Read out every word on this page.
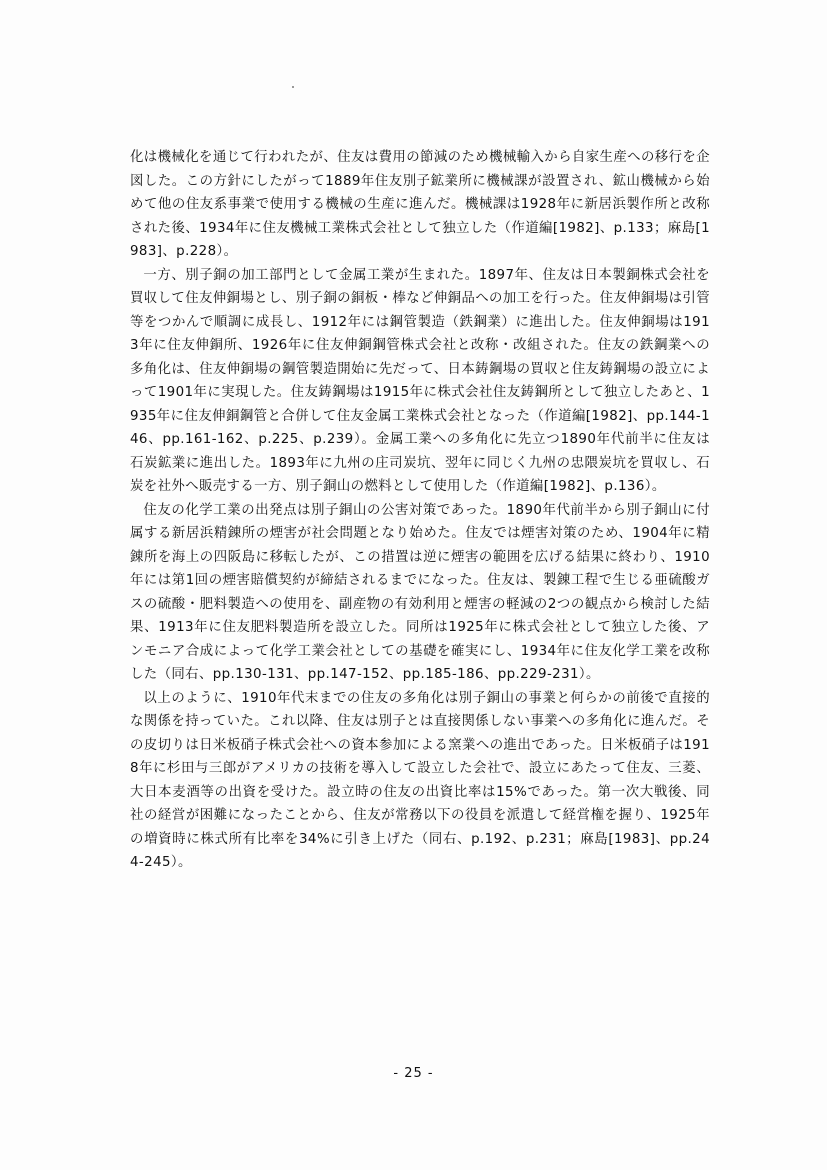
化は機械化を通じて行われたが、住友は費用の節減のため機械輸入から自家生産への移行を企図した。この方針にしたがって1889年住友別子鉱業所に機械課が設置され、鉱山機械から始めて他の住友系事業で使用する機械の生産に進んだ。機械課は1928年に新居浜製作所と改称された後、1934年に住友機械工業株式会社として独立した（作道編[1982]、p.133；麻島[1983]、p.228）。

一方、別子銅の加工部門として金属工業が生まれた。1897年、住友は日本製銅株式会社を買収して住友伸銅場とし、別子銅の銅板・棒など伸銅品への加工を行った。住友伸銅場は引管等をつかんで順調に成長し、1912年には鋼管製造（鉄鋼業）に進出した。住友伸銅場は1913年に住友伸銅所、1926年に住友伸銅鋼管株式会社と改称・改組された。住友の鉄鋼業への多角化は、住友伸銅場の鋼管製造開始に先だって、日本鋳鋼場の買収と住友鋳鋼場の設立によって1901年に実現した。住友鋳鋼場は1915年に株式会社住友鋳鋼所として独立したあと、1935年に住友伸銅鋼管と合併して住友金属工業株式会社となった（作道編[1982]、pp.144-146、pp.161-162、p.225、p.239）。金属工業への多角化に先立つ1890年代前半に住友は石炭鉱業に進出した。1893年に九州の庄司炭坑、翌年に同じく九州の忠隈炭坑を買収し、石炭を社外へ販売する一方、別子銅山の燃料として使用した（作道編[1982]、p.136）。

住友の化学工業の出発点は別子銅山の公害対策であった。1890年代前半から別子銅山に付属する新居浜精錬所の煙害が社会問題となり始めた。住友では煙害対策のため、1904年に精錬所を海上の四阪島に移転したが、この措置は逆に煙害の範囲を広げる結果に終わり、1910年には第1回の煙害賠償契約が締結されるまでになった。住友は、製錬工程で生じる亜硫酸ガスの硫酸・肥料製造への使用を、副産物の有効利用と煙害の軽減の2つの観点から検討した結果、1913年に住友肥料製造所を設立した。同所は1925年に株式会社として独立した後、アンモニア合成によって化学工業会社としての基礎を確実にし、1934年に住友化学工業を改称した（同右、pp.130-131、pp.147-152、pp.185-186、pp.229-231）。

以上のように、1910年代末までの住友の多角化は別子銅山の事業と何らかの前後で直接的な関係を持っていた。これ以降、住友は別子とは直接関係しない事業への多角化に進んだ。その皮切りは日米板硝子株式会社への資本参加による窯業への進出であった。日米板硝子は1918年に杉田与三郎がアメリカの技術を導入して設立した会社で、設立にあたって住友、三菱、大日本麦酒等の出資を受けた。設立時の住友の出資比率は15%であった。第一次大戦後、同社の経営が困難になったことから、住友が常務以下の役員を派遣して経営権を握り、1925年の増資時に株式所有比率を34%に引き上げた（同右、p.192、p.231；麻島[1983]、pp.244-245）。

- 25 -
